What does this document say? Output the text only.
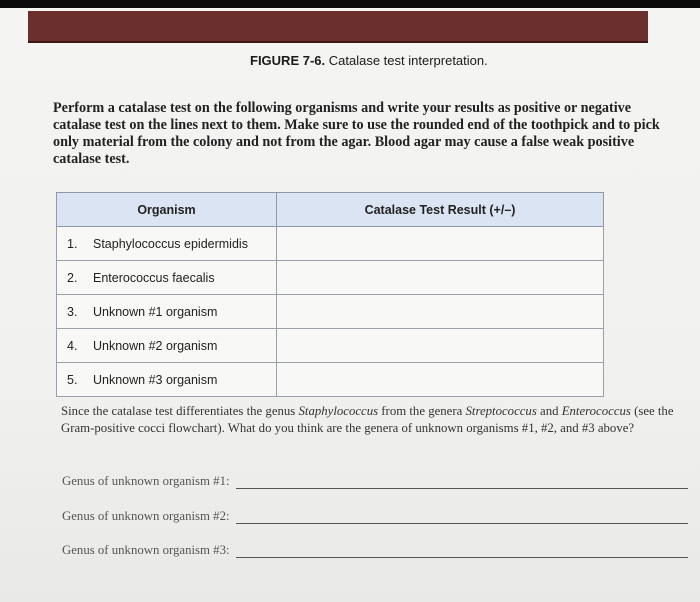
FIGURE 7-6. Catalase test interpretation.
Perform a catalase test on the following organisms and write your results as positive or negative catalase test on the lines next to them. Make sure to use the rounded end of the toothpick and to pick only material from the colony and not from the agar. Blood agar may cause a false weak positive catalase test.
Organism	Catalase Test Result (+/–)
1. Staphylococcus epidermidis	
2. Enterococcus faecalis	
3. Unknown #1 organism	
4. Unknown #2 organism	
5. Unknown #3 organism	
Since the catalase test differentiates the genus Staphylococcus from the genera Streptococcus and Enterococcus (see the Gram-positive cocci flowchart). What do you think are the genera of unknown organisms #1, #2, and #3 above?
Genus of unknown organism #1:
Genus of unknown organism #2:
Genus of unknown organism #3:
